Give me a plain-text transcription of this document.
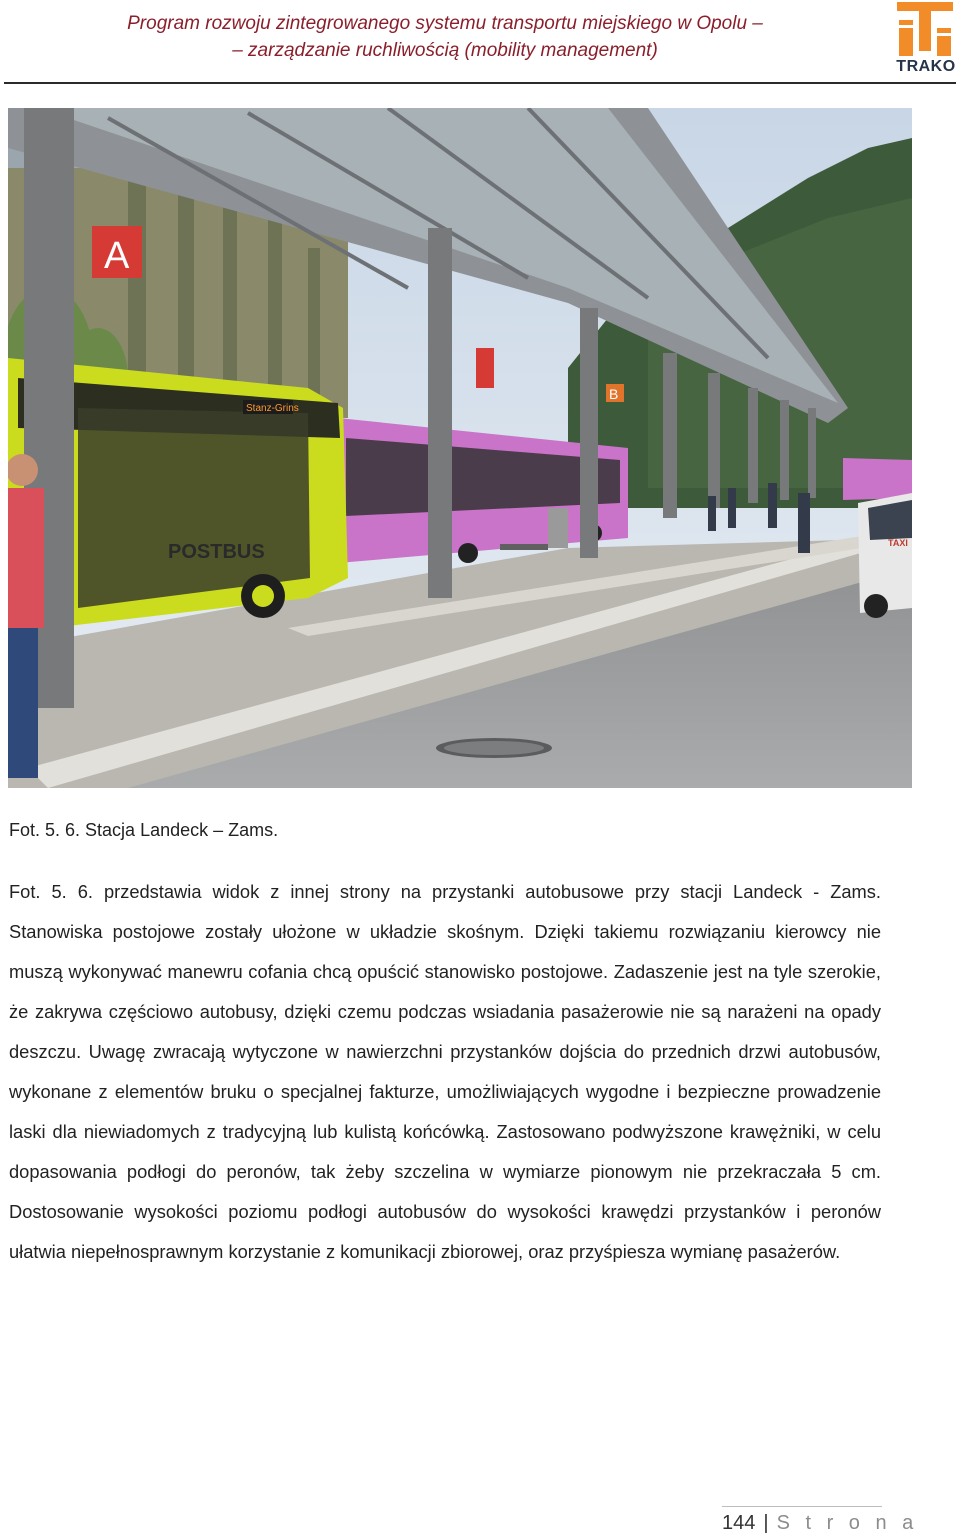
Program rozwoju zintegrowanego systemu transportu miejskiego w Opolu –
– zarządzanie ruchliwością (mobility management)
TRAKO
POSTBUS
Stanz-Grins
TAXI
A
B
Fot. 5. 6. Stacja Landeck – Zams.

Fot. 5. 6. przedstawia widok z innej strony na przystanki autobusowe przy stacji Landeck - Zams. Stanowiska postojowe zostały ułożone w układzie skośnym. Dzięki takiemu rozwiązaniu kierowcy nie muszą wykonywać manewru cofania chcą opuścić stanowisko postojowe. Zadaszenie jest na tyle szerokie, że zakrywa częściowo autobusy, dzięki czemu podczas wsiadania pasażerowie nie są narażeni na opady deszczu. Uwagę zwracają wytyczone w nawierzchni przystanków dojścia do przednich drzwi autobusów, wykonane z elementów bruku o specjalnej fakturze, umożliwiających wygodne i bezpieczne prowadzenie laski dla niewiadomych z tradycyjną lub kulistą końcówką. Zastosowano podwyższone krawężniki, w celu dopasowania podłogi do peronów, tak żeby szczelina w wymiarze pionowym nie przekraczała 5 cm. Dostosowanie wysokości poziomu podłogi autobusów do wysokości krawędzi przystanków i peronów ułatwia niepełnosprawnym korzystanie z komunikacji zbiorowej, oraz przyśpiesza wymianę pasażerów.

144 | S t r o n a
